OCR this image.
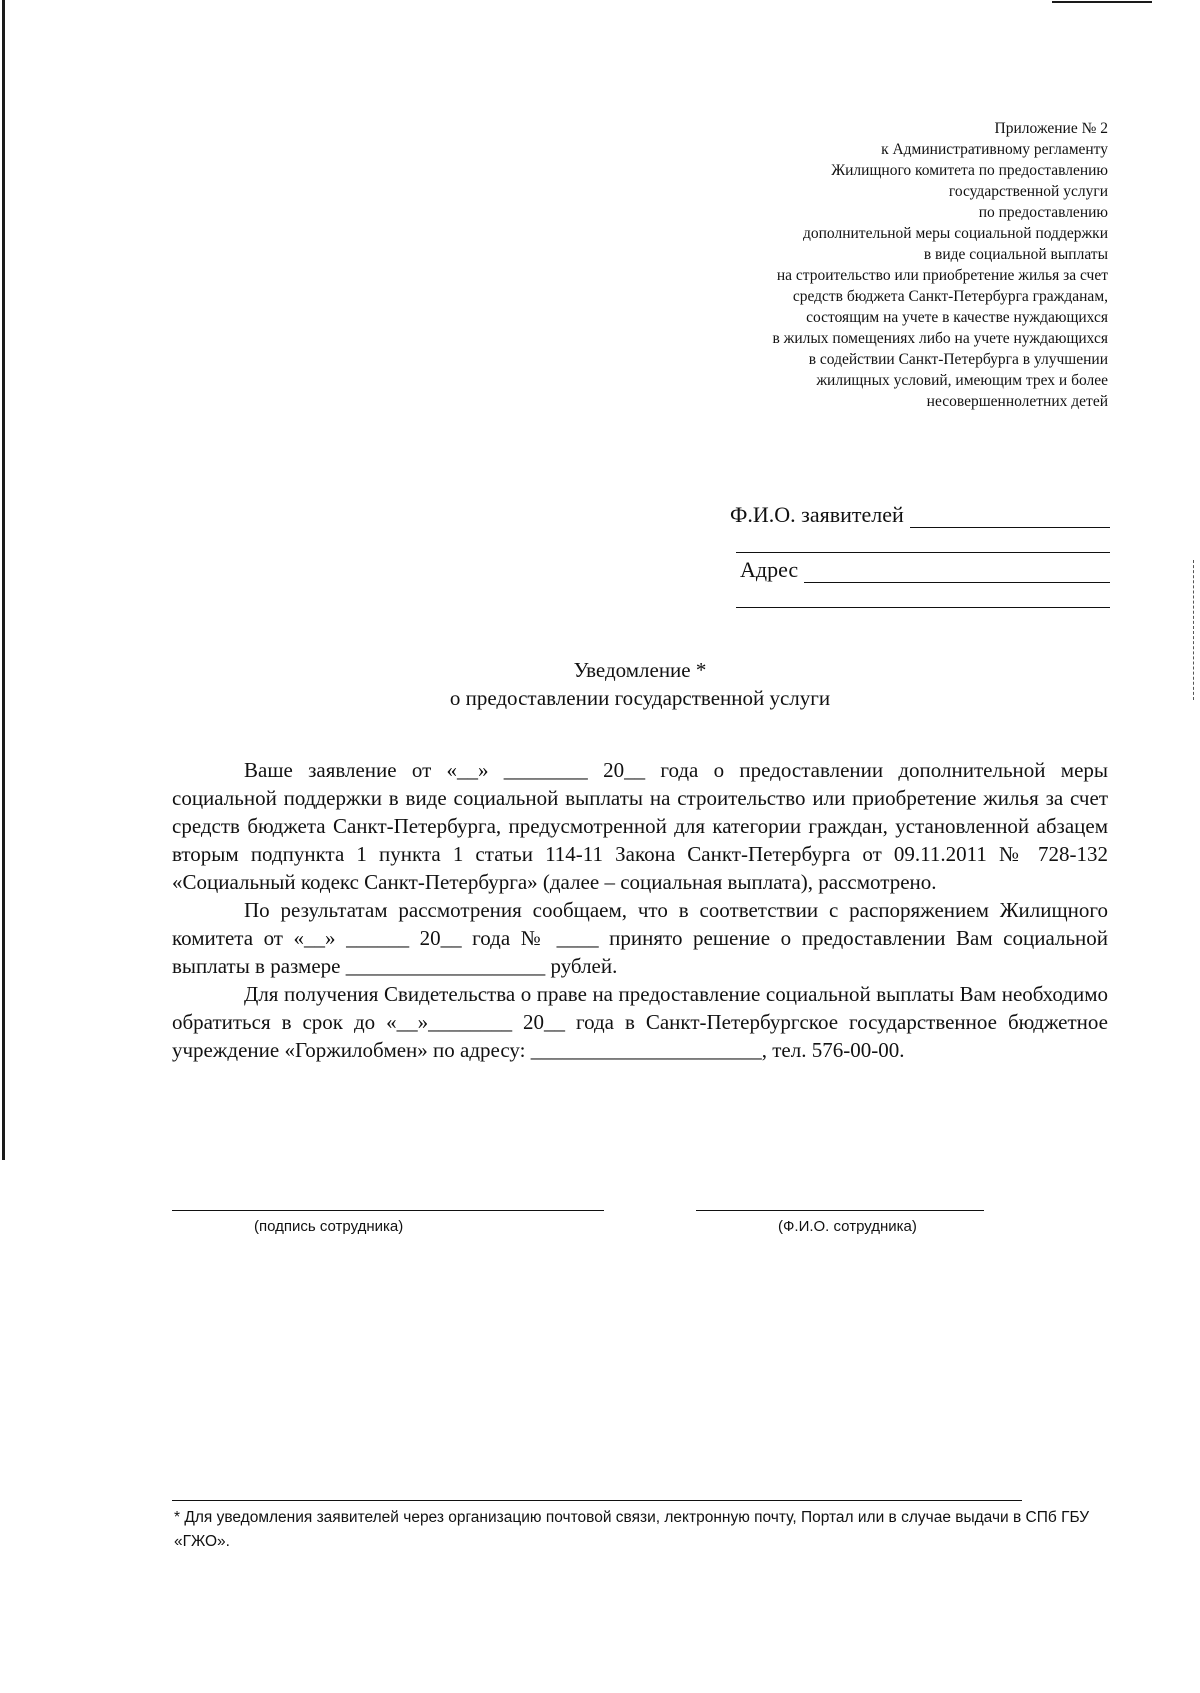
Приложение № 2
к Административному регламенту
Жилищного комитета по предоставлению
государственной услуги
по предоставлению
дополнительной меры социальной поддержки
в виде социальной выплаты
на строительство или приобретение жилья за счет
средств бюджета Санкт-Петербурга гражданам,
состоящим на учете в качестве нуждающихся
в жилых помещениях либо на учете нуждающихся
в содействии Санкт-Петербурга в улучшении
жилищных условий, имеющим трех и более
несовершеннолетних детей
Ф.И.О. заявителей
Адрес
Уведомление *
о предоставлении государственной услуги

Ваше заявление от «__» ________ 20__ года о предоставлении дополнительной меры социальной поддержки в виде социальной выплаты на строительство или приобретение жилья за счет средств бюджета Санкт-Петербурга, предусмотренной для категории граждан, установленной абзацем вторым подпункта 1 пункта 1 статьи 114-11 Закона Санкт-Петербурга от 09.11.2011 № 728-132 «Социальный кодекс Санкт-Петербурга» (далее – социальная выплата), рассмотрено.

По результатам рассмотрения сообщаем, что в соответствии с распоряжением Жилищного комитета от «__» ______ 20__ года № ____ принято решение о предоставлении Вам социальной выплаты в размере ___________________ рублей.

Для получения Свидетельства о праве на предоставление социальной выплаты Вам необходимо обратиться в срок до «__»________ 20__ года в Санкт-Петербургское государственное бюджетное учреждение «Горжилобмен» по адресу: ______________________, тел. 576-00-00.

(подпись сотрудника)	(Ф.И.О. сотрудника)
* Для уведомления заявителей через организацию почтовой связи, лектронную почту, Портал или в случае выдачи в СПб ГБУ «ГЖО».
